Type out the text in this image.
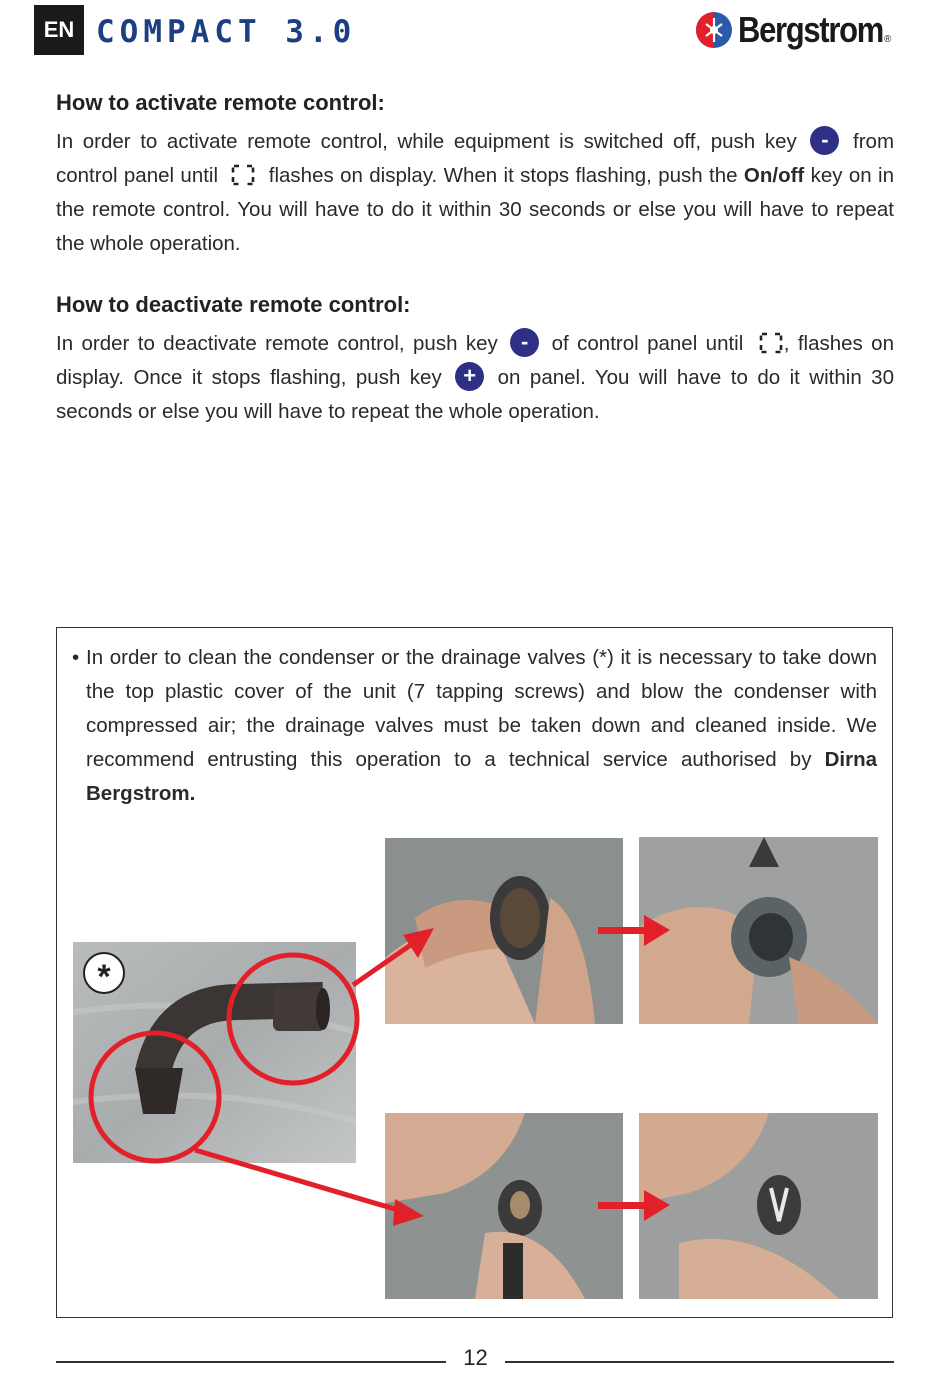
EN COMPACT 3.0	Bergstrom ®
How to activate remote control:
In order to activate remote control, while equipment is switched off, push key - from control panel until flashes on display. When it stops flashing, push the On/off key on in the remote control. You will have to do it within 30 seconds or else you will have to repeat the whole operation.
How to deactivate remote control:
In order to deactivate remote control, push key - of control panel until , flashes on display. Once it stops flashing, push key + on panel. You will have to do it within 30 seconds or else you will have to repeat the whole operation.
• In order to clean the condenser or the drainage valves (*) it is necessary to take down the top plastic cover of the unit (7 tapping screws) and blow the condenser with compressed air; the drainage valves must be taken down and cleaned inside. We recommend entrusting this operation to a technical service authorised by Dirna Bergstrom.
*
12
